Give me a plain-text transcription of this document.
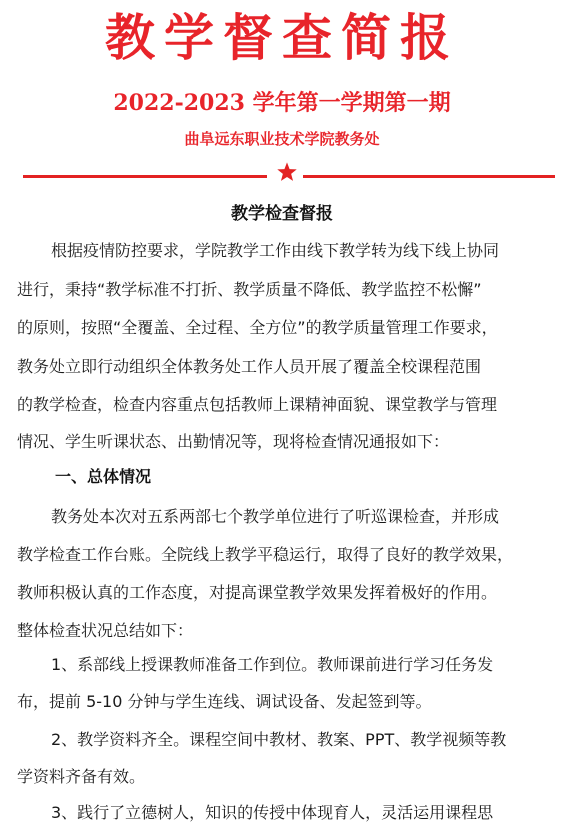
教学督查简报
2022-2023 学年第一学期第一期
曲阜远东职业技术学院教务处
教学检查督报
根据疫情防控要求，学院教学工作由线下教学转为线下线上协同
进行，秉持“教学标准不打折、教学质量不降低、教学监控不松懈”
的原则，按照“全覆盖、全过程、全方位”的教学质量管理工作要求，
教务处立即行动组织全体教务处工作人员开展了覆盖全校课程范围
的教学检查，检查内容重点包括教师上课精神面貌、课堂教学与管理
情况、学生听课状态、出勤情况等，现将检查情况通报如下：
一、总体情况
教务处本次对五系两部七个教学单位进行了听巡课检查，并形成
教学检查工作台账。全院线上教学平稳运行，取得了良好的教学效果，
教师积极认真的工作态度，对提高课堂教学效果发挥着极好的作用。
整体检查状况总结如下：
1、系部线上授课教师准备工作到位。教师课前进行学习任务发
布，提前 5-10 分钟与学生连线、调试设备、发起签到等。
2、教学资料齐全。课程空间中教材、教案、PPT、教学视频等教
学资料齐备有效。
3、践行了立德树人，知识的传授中体现育人，灵活运用课程思
